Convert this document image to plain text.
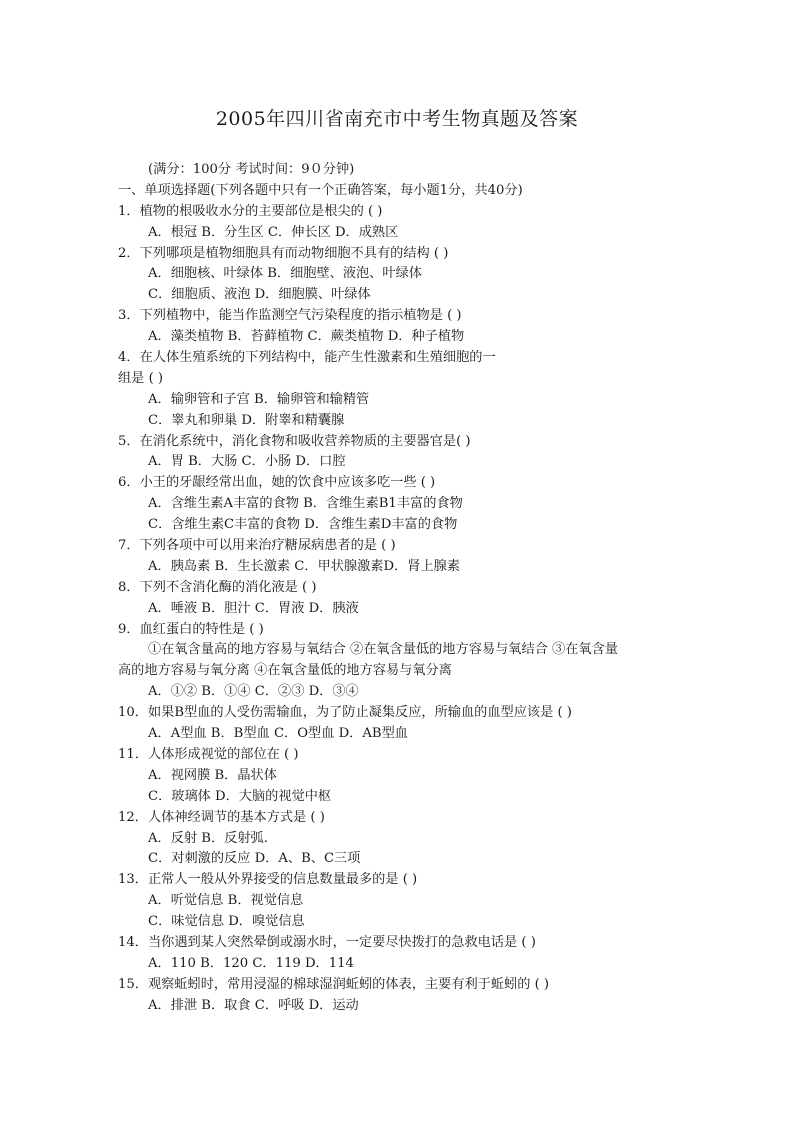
2005年四川省南充市中考生物真题及答案
(满分：100分 考试时间：9０分钟)
一、单项选择题(下列各题中只有一个正确答案，每小题1分，共40分)
1．植物的根吸收水分的主要部位是根尖的 ( )
A．根冠 B．分生区 C．伸长区 D．成熟区
2．下列哪项是植物细胞具有而动物细胞不具有的结构 ( )
A．细胞核、叶绿体 B．细胞壁、液泡、叶绿体
C．细胞质、液泡 D．细胞膜、叶绿体
3．下列植物中，能当作监测空气污染程度的指示植物是 ( )
A．藻类植物 B．苔藓植物 C．蕨类植物 D．种子植物
4．在人体生殖系统的下列结构中，能产生性激素和生殖细胞的一
组是 ( )
A．输卵管和子宫 B．输卵管和输精管
C．睾丸和卵巢 D．附睾和精囊腺
5．在消化系统中，消化食物和吸收营养物质的主要器官是( )
A．胃 B．大肠 C．小肠 D．口腔
6．小王的牙龈经常出血，她的饮食中应该多吃一些 ( )
A．含维生素A丰富的食物 B．含维生素B1丰富的食物
C．含维生素C丰富的食物 D．含维生素D丰富的食物
7．下列各项中可以用来治疗糖尿病患者的是 ( )
A．胰岛素 B．生长激素 C．甲状腺激素D．肾上腺素
8．下列不含消化酶的消化液是 ( )
A．唾液 B．胆汁 C．胃液 D．胰液
9．血红蛋白的特性是 ( )
①在氧含量高的地方容易与氧结合 ②在氧含量低的地方容易与氧结合 ③在氧含量
高的地方容易与氧分离 ④在氧含量低的地方容易与氧分离
A．①② B．①④ C．②③ D．③④
10．如果B型血的人受伤需输血，为了防止凝集反应，所输血的血型应该是 ( )
A．A型血 B．B型血 C．O型血 D．AB型血
11．人体形成视觉的部位在 ( )
A．视网膜 B．晶状体
C．玻璃体 D．大脑的视觉中枢
12．人体神经调节的基本方式是 ( )
A．反射 B．反射弧.
C．对刺激的反应 D．A、B、C三项
13．正常人一般从外界接受的信息数量最多的是 ( )
A．听觉信息 B．视觉信息
C．味觉信息 D．嗅觉信息
14．当你遇到某人突然晕倒或溺水时，一定要尽快拨打的急救电话是 ( )
A．110 B．120 C．119 D．114
15．观察蚯蚓时，常用浸湿的棉球湿润蚯蚓的体表，主要有利于蚯蚓的 ( )
A．排泄 B．取食 C．呼吸 D．运动
